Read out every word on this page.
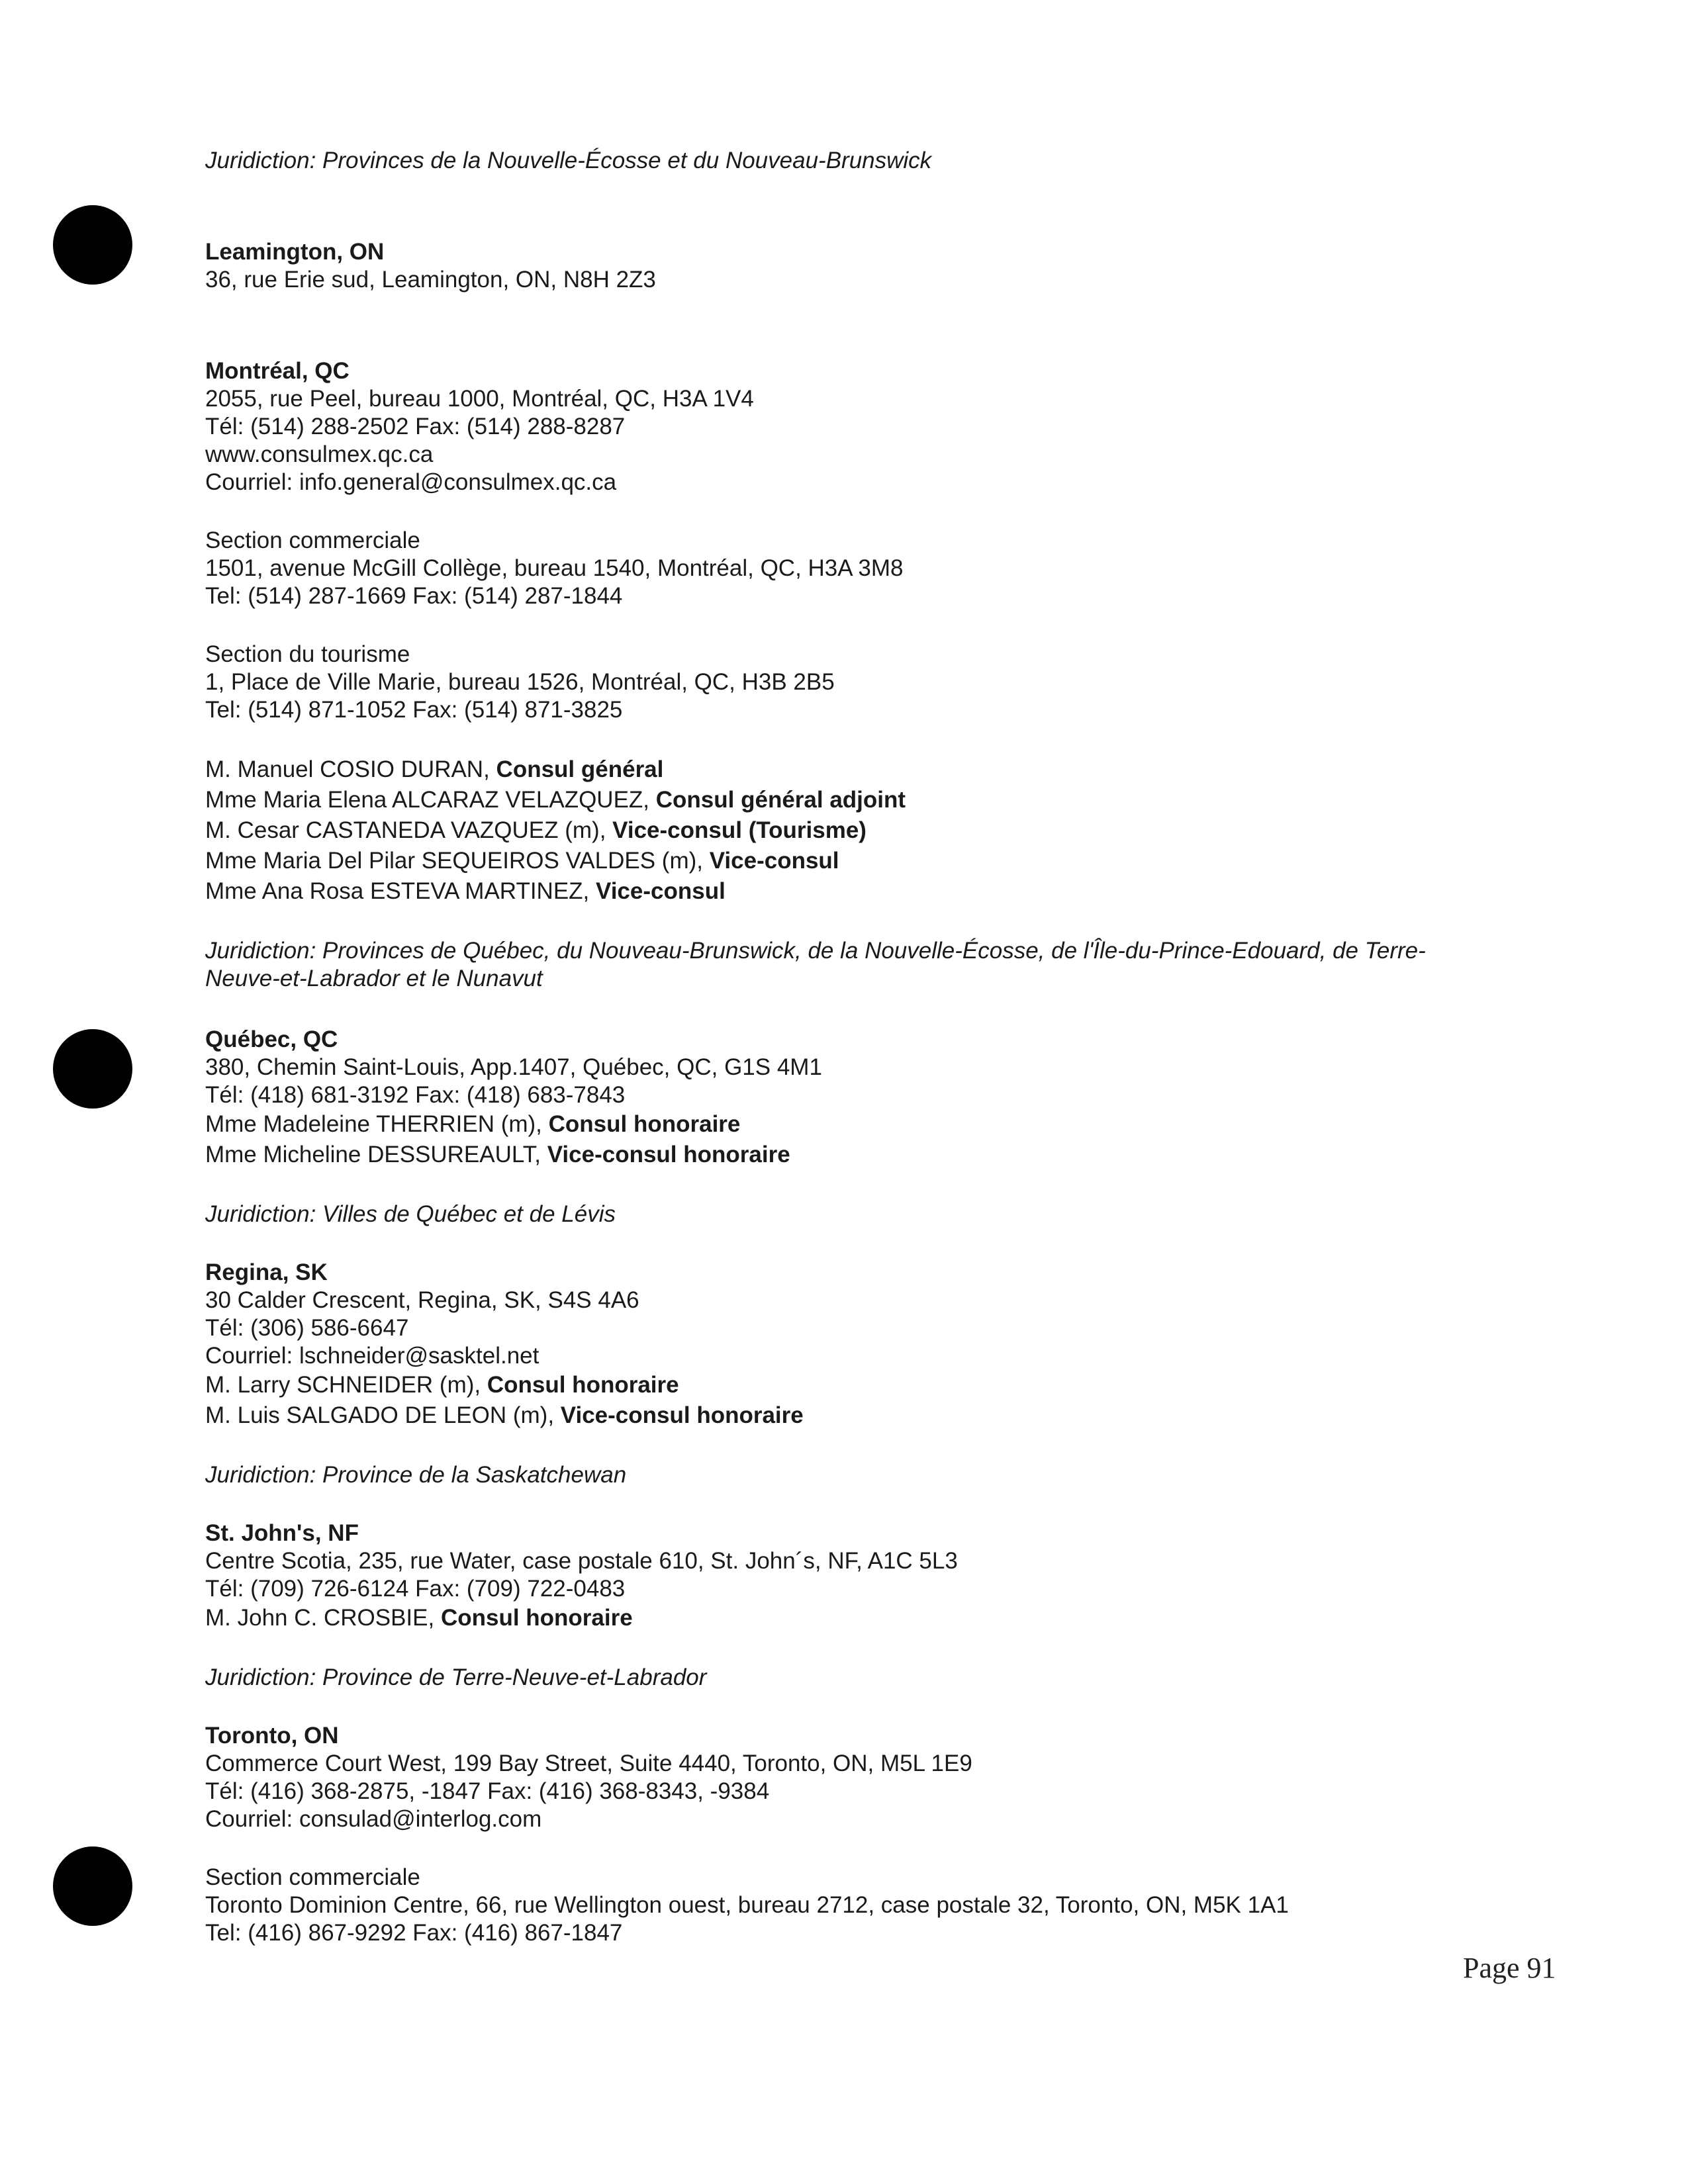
Juridiction: Provinces de la Nouvelle-Écosse et du Nouveau-Brunswick
Leamington, ON
36, rue Erie sud, Leamington, ON, N8H 2Z3
Montréal, QC
2055, rue Peel, bureau 1000, Montréal, QC, H3A 1V4
Tél: (514) 288-2502 Fax: (514) 288-8287
www.consulmex.qc.ca
Courriel: info.general@consulmex.qc.ca
Section commerciale
1501, avenue McGill Collège, bureau 1540, Montréal, QC, H3A 3M8
Tel: (514) 287-1669 Fax: (514) 287-1844
Section du tourisme
1, Place de Ville Marie, bureau 1526, Montréal, QC, H3B 2B5
Tel: (514) 871-1052 Fax: (514) 871-3825
M. Manuel COSIO DURAN, Consul général
Mme Maria Elena ALCARAZ VELAZQUEZ, Consul général adjoint
M. Cesar CASTANEDA VAZQUEZ (m), Vice-consul (Tourisme)
Mme Maria Del Pilar SEQUEIROS VALDES (m), Vice-consul
Mme Ana Rosa ESTEVA MARTINEZ, Vice-consul
Juridiction: Provinces de Québec, du Nouveau-Brunswick, de la Nouvelle-Écosse, de l'Île-du-Prince-Edouard, de Terre-
Neuve-et-Labrador et le Nunavut
Québec, QC
380, Chemin Saint-Louis, App.1407, Québec, QC, G1S 4M1
Tél: (418) 681-3192 Fax: (418) 683-7843
Mme Madeleine THERRIEN (m), Consul honoraire
Mme Micheline DESSUREAULT, Vice-consul honoraire
Juridiction: Villes de Québec et de Lévis
Regina, SK
30 Calder Crescent, Regina, SK, S4S 4A6
Tél: (306) 586-6647
Courriel: lschneider@sasktel.net
M. Larry SCHNEIDER (m), Consul honoraire
M. Luis SALGADO DE LEON (m), Vice-consul honoraire
Juridiction: Province de la Saskatchewan
St. John's, NF
Centre Scotia, 235, rue Water, case postale 610, St. John´s, NF, A1C 5L3
Tél: (709) 726-6124 Fax: (709) 722-0483
M. John C. CROSBIE, Consul honoraire
Juridiction: Province de Terre-Neuve-et-Labrador
Toronto, ON
Commerce Court West, 199 Bay Street, Suite 4440, Toronto, ON, M5L 1E9
Tél: (416) 368-2875, -1847 Fax: (416) 368-8343, -9384
Courriel: consulad@interlog.com
Section commerciale
Toronto Dominion Centre, 66, rue Wellington ouest, bureau 2712, case postale 32, Toronto, ON, M5K 1A1
Tel: (416) 867-9292 Fax: (416) 867-1847
Page 91
